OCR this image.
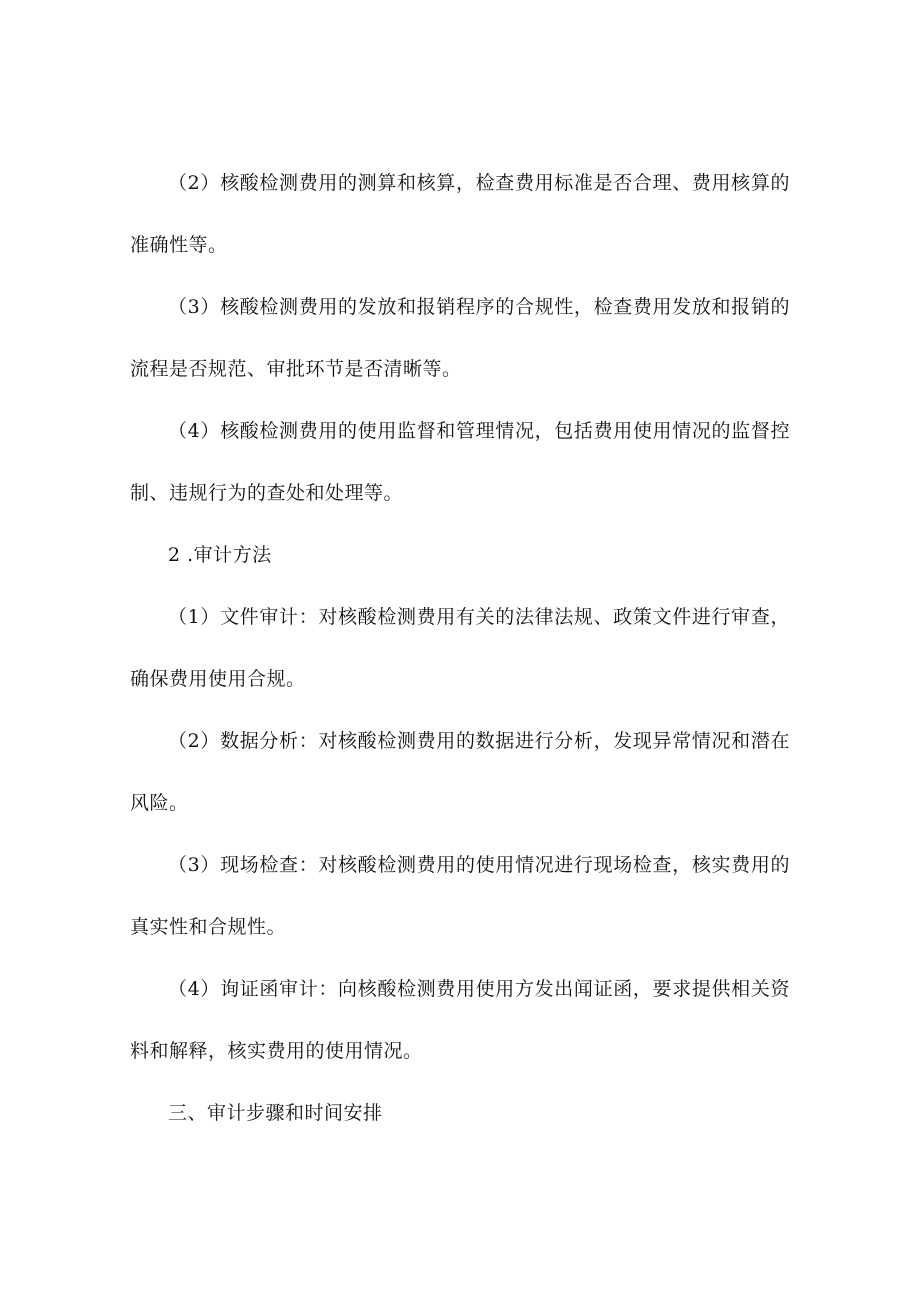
（2）核酸检测费用的测算和核算，检查费用标准是否合理、费用核算的准确性等。

（3）核酸检测费用的发放和报销程序的合规性，检查费用发放和报销的流程是否规范、审批环节是否清晰等。

（4）核酸检测费用的使用监督和管理情况，包括费用使用情况的监督控制、违规行为的查处和处理等。

2 .审计方法

（1）文件审计：对核酸检测费用有关的法律法规、政策文件进行审查，确保费用使用合规。

（2）数据分析：对核酸检测费用的数据进行分析，发现异常情况和潜在风险。

（3）现场检查：对核酸检测费用的使用情况进行现场检查，核实费用的真实性和合规性。

（4）询证函审计：向核酸检测费用使用方发出闻证函，要求提供相关资料和解释，核实费用的使用情况。

三、审计步骤和时间安排
